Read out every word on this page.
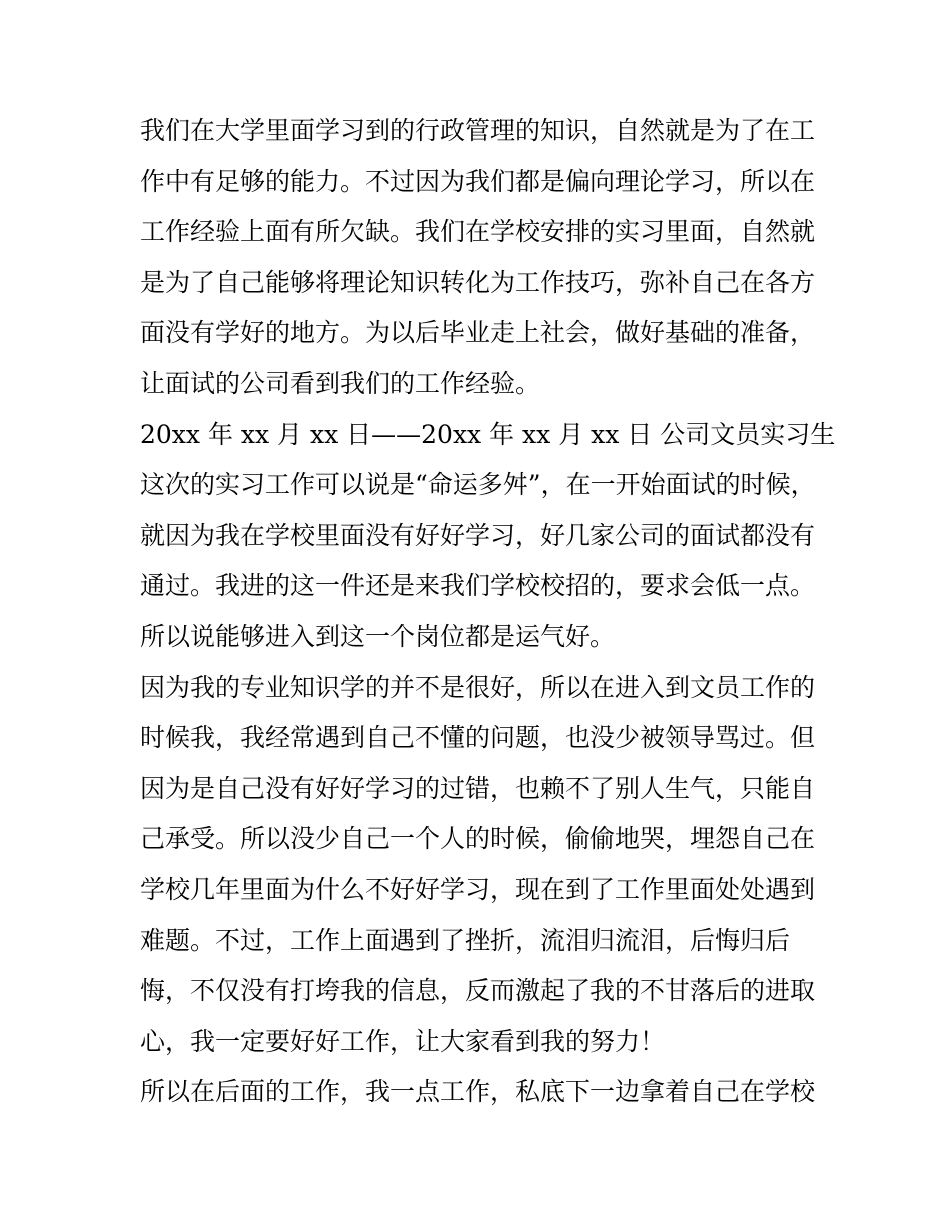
我们在大学里面学习到的行政管理的知识，自然就是为了在工
作中有足够的能力。不过因为我们都是偏向理论学习，所以在
工作经验上面有所欠缺。我们在学校安排的实习里面，自然就
是为了自己能够将理论知识转化为工作技巧，弥补自己在各方
面没有学好的地方。为以后毕业走上社会，做好基础的准备，
让面试的公司看到我们的工作经验。
20xx 年 xx 月 xx 日——20xx 年 xx 月 xx 日 公司文员实习生
这次的实习工作可以说是“命运多舛”，在一开始面试的时候，
就因为我在学校里面没有好好学习，好几家公司的面试都没有
通过。我进的这一件还是来我们学校校招的，要求会低一点。
所以说能够进入到这一个岗位都是运气好。
因为我的专业知识学的并不是很好，所以在进入到文员工作的
时候我，我经常遇到自己不懂的问题，也没少被领导骂过。但
因为是自己没有好好学习的过错，也赖不了别人生气，只能自
己承受。所以没少自己一个人的时候，偷偷地哭，埋怨自己在
学校几年里面为什么不好好学习，现在到了工作里面处处遇到
难题。不过，工作上面遇到了挫折，流泪归流泪，后悔归后
悔，不仅没有打垮我的信息，反而激起了我的不甘落后的进取
心，我一定要好好工作，让大家看到我的努力！
所以在后面的工作，我一点工作，私底下一边拿着自己在学校
